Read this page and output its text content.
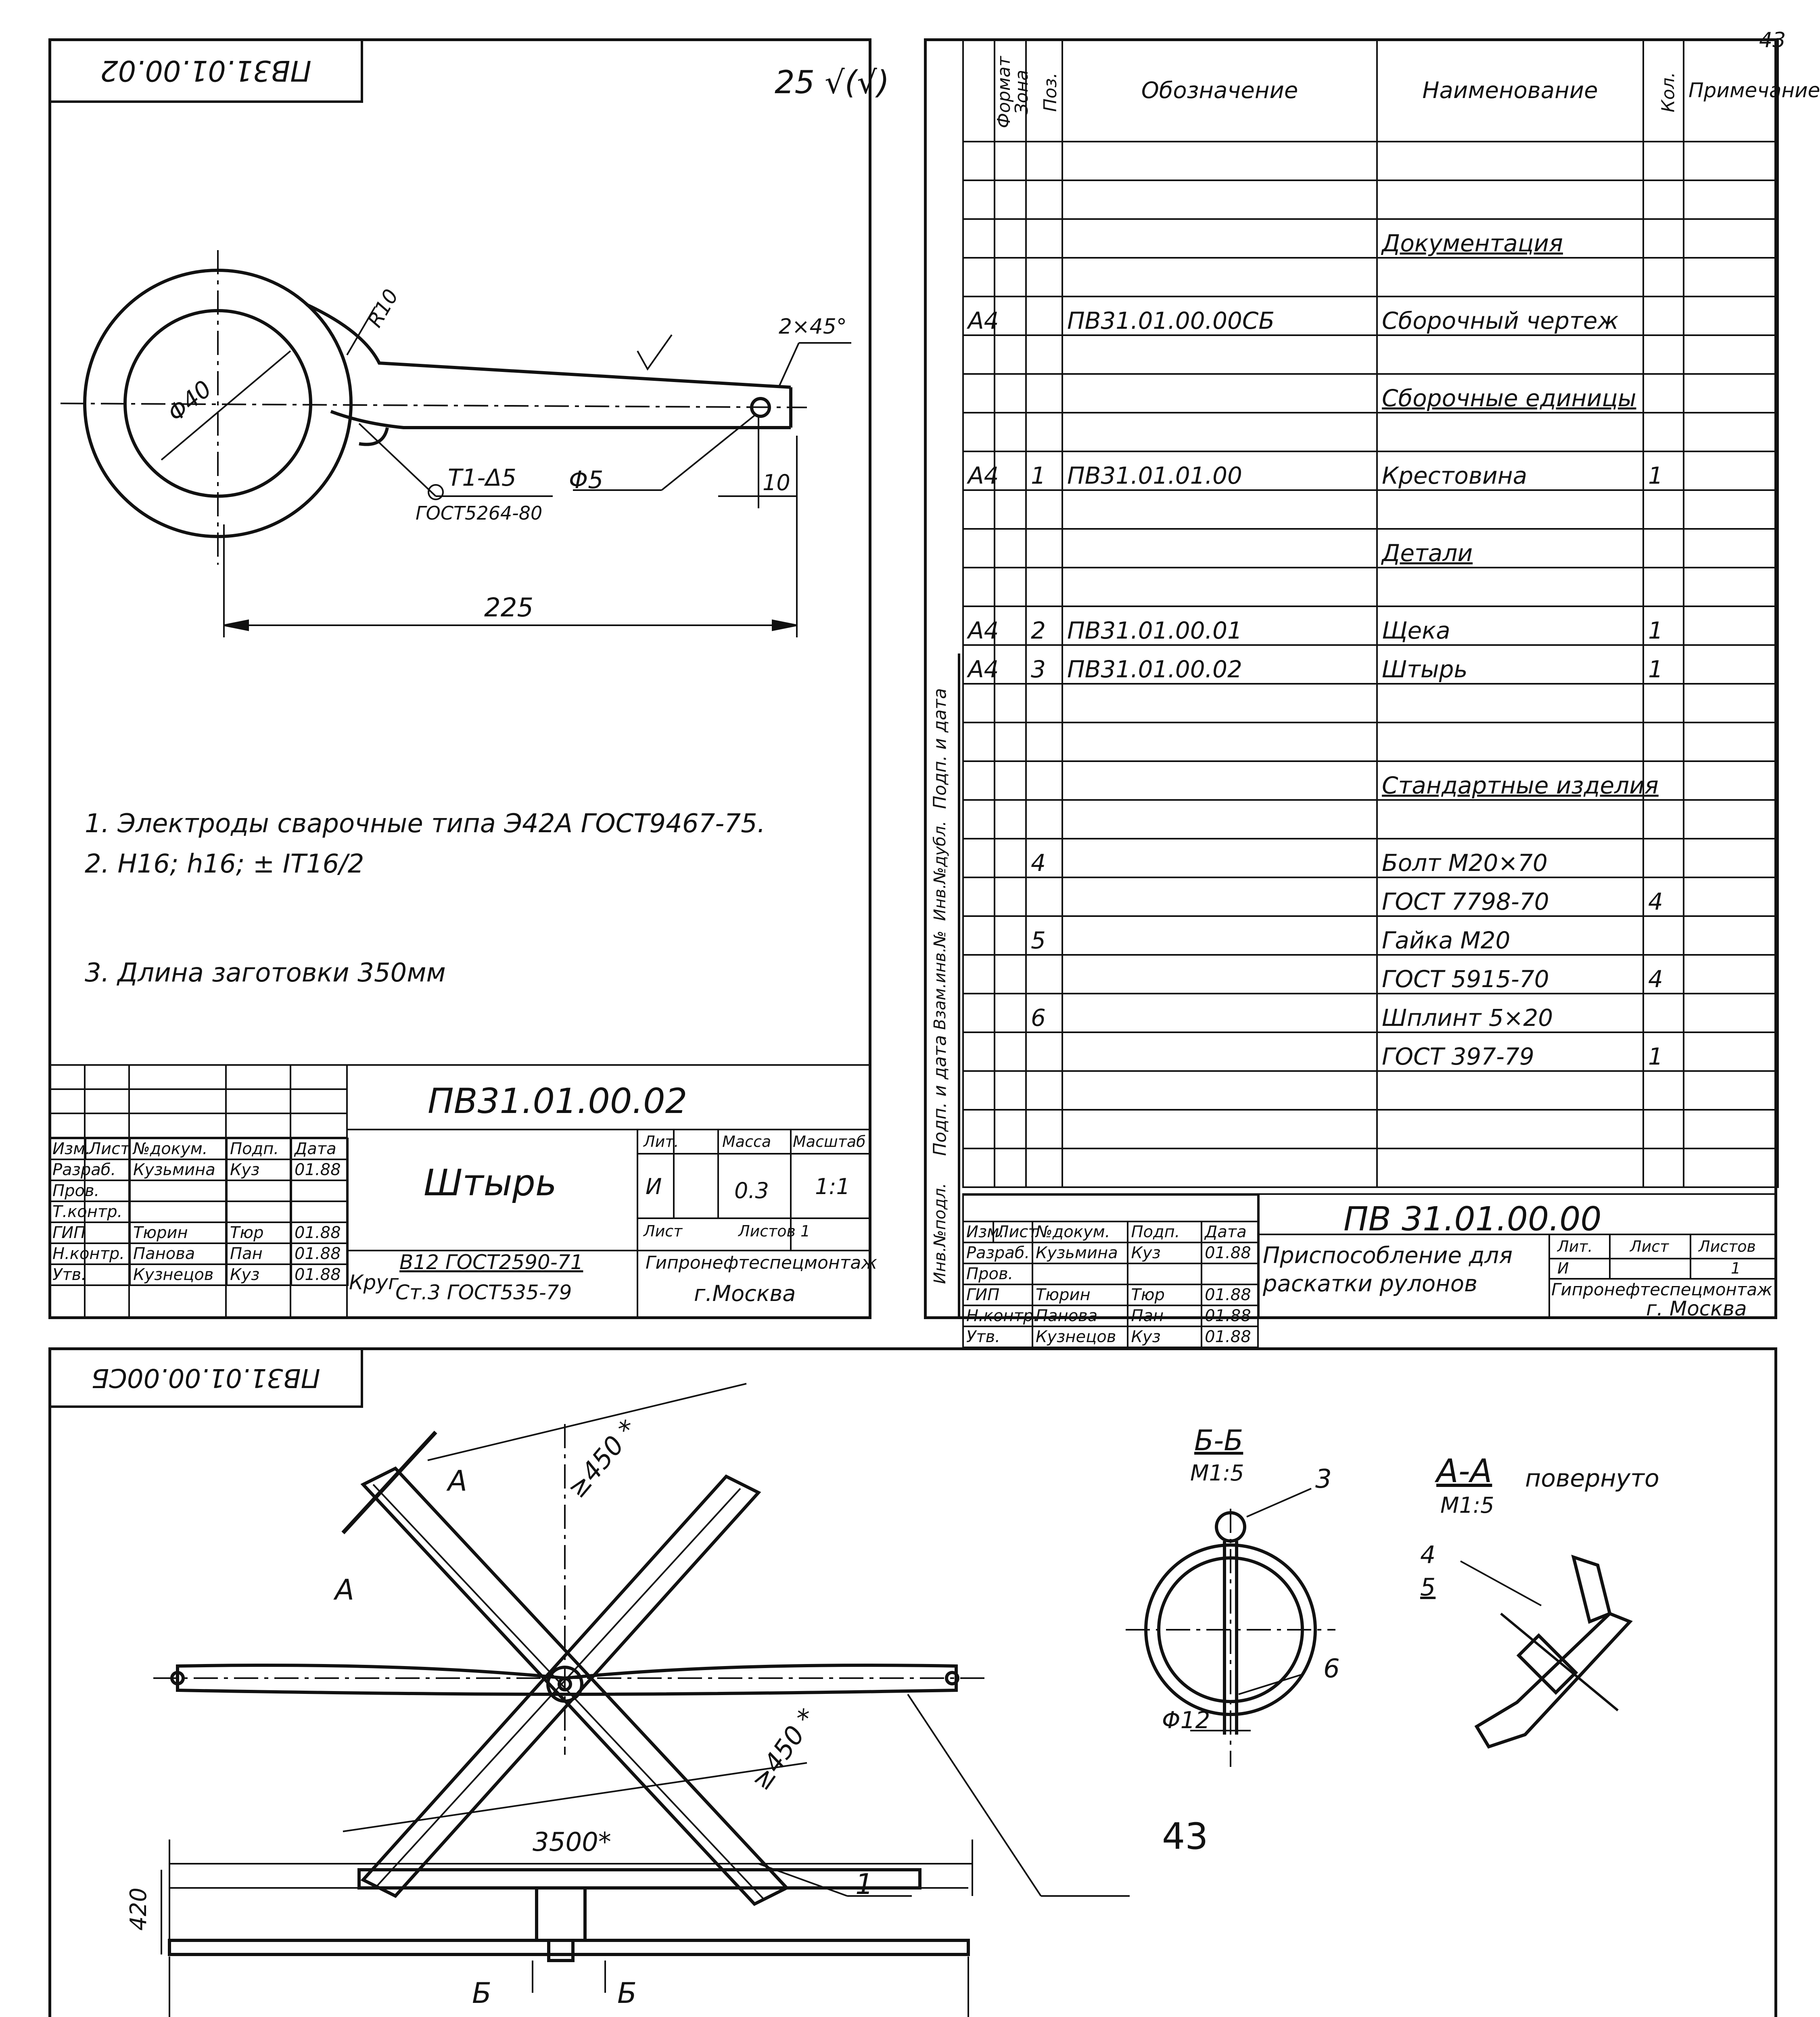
43
ПВ31.01.00.02	25 √(√)
Φ40
R10	2×45°
Φ5	10
225
Т1-Δ5
ГОСТ5264-80
1. Электроды сварочные типа Э42А ГОСТ9467-75.
2. H16; h16; ± IT16/2
3. Длина заготовки 350мм
ПВ31.01.00.02
Штырь
Лит.	Масса Масштаб
И	0.3 1:1
Лист	Листов 1
Круг
В12 ГОСТ2590-71
Ст.3 ГОСТ535-79
Гипронефтеспецмонтаж
г.Москва
Изм.	Лист	№докум.	Подп.	Дата
Разраб.		Кузьмина	Куз	01.88
Пров.				
Т.контр.				
ГИП		Тюрин	Тюр	01.88
Н.контр.		Панова	Пан	01.88
Утв.		Кузнецов	Куз	01.88
Подп. и дата
Инв.№дубл.
Взам.инв.№
Подп. и дата
Инв.№подл.
Формат	Зона	Поз.	Обозначение	Наименование	Кол.	Примечание

				Документация		

А4			ПВ31.01.00.00СБ	Сборочный чертеж		

				Сборочные единицы		

А4		1	ПВ31.01.01.00	Крестовина	1	

				Детали		

А4		2	ПВ31.01.00.01	Щека	1	
А4		3	ПВ31.01.00.02	Штырь	1	

				Стандартные изделия		

		4		Болт М20×70		
				ГОСТ 7798-70	4	
		5		Гайка М20		
				ГОСТ 5915-70	4	
		6		Шплинт 5×20		
				ГОСТ 397-79	1	

ПВ 31.01.00.00
Приспособление для
раскатки рулонов
Лит. Лист Листов
И	1
Гипронефтеспецмонтаж
г. Москва

Изм.	Лист	№докум.	Подп.	Дата
Разраб.		Кузьмина	Куз	01.88
Пров.				
ГИП		Тюрин	Тюр	01.88
Н.контр.		Панова	Пан	01.88
Утв.		Кузнецов	Куз	01.88
ПВ31.01.00.00СБ
Б-Б
М1:5	А-А повернуто
М1:5
≥450 *
≥450 *
3500*
420
Φ12
А
А
Б	Б
1
3
4
5
6
43
